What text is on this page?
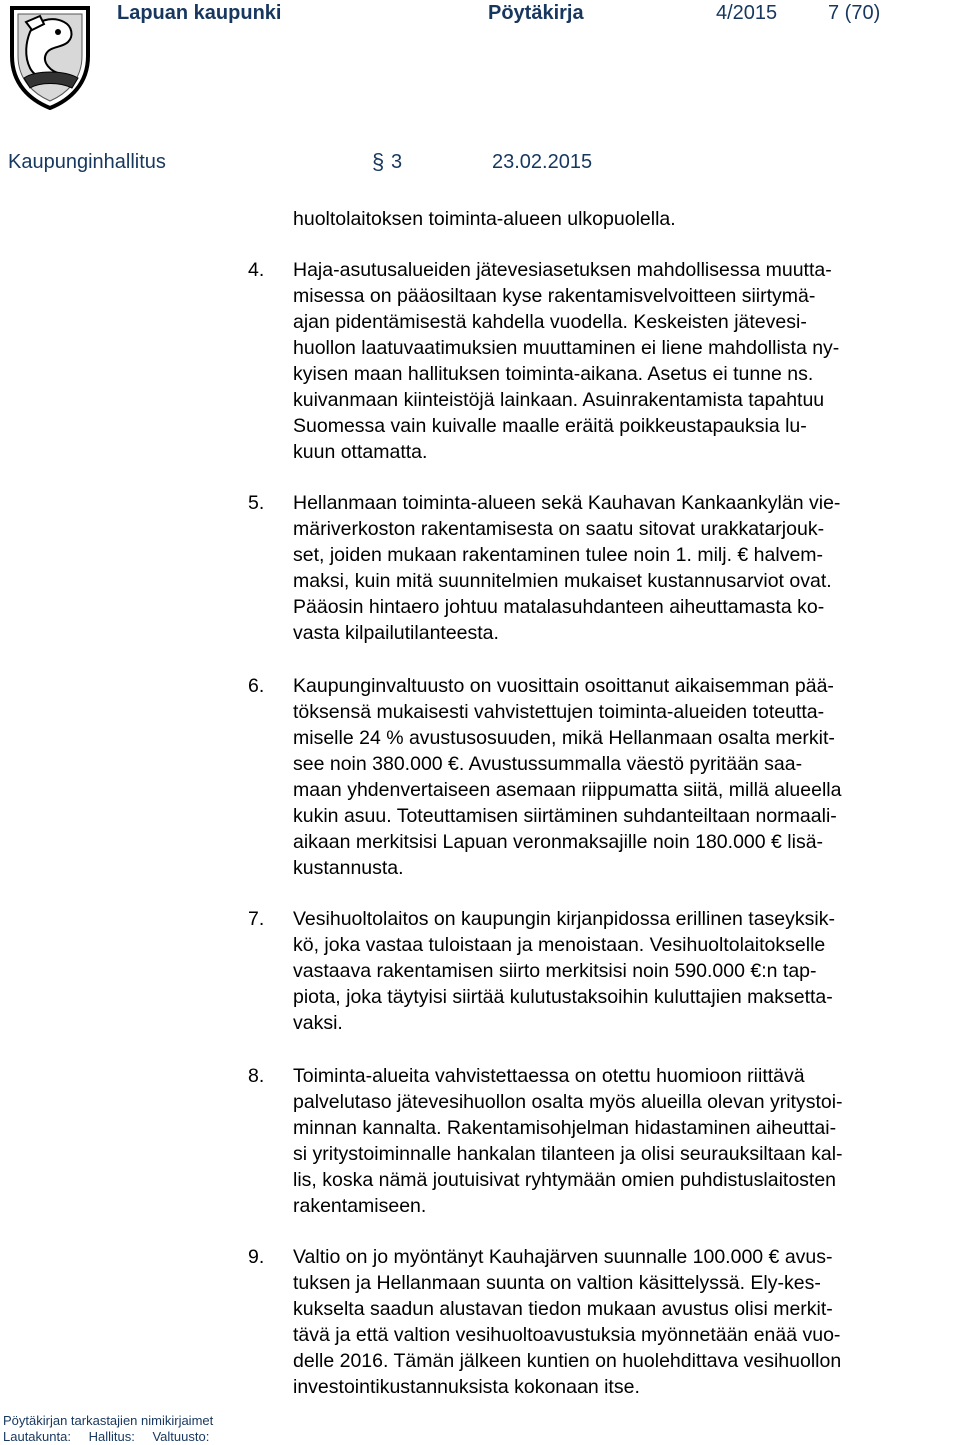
Lapuan kaupunki	Pöytäkirja	4/2015	7 (70)
Kaupunginhallitus	§ 3	23.02.2015
huoltolaitoksen toiminta-alueen ulkopuolella.
4. Haja-asutusalueiden jätevesiasetuksen mahdollisessa muutta-
misessa on pääosiltaan kyse rakentamisvelvoitteen siirtymä-
ajan pidentämisestä kahdella vuodella. Keskeisten jätevesi-
huollon laatuvaatimuksien muuttaminen ei liene mahdollista ny-
kyisen maan hallituksen toiminta-aikana. Asetus ei tunne ns.
kuivanmaan kiinteistöjä lainkaan. Asuinrakentamista tapahtuu
Suomessa vain kuivalle maalle eräitä poikkeustapauksia lu-
kuun ottamatta.
5. Hellanmaan toiminta-alueen sekä Kauhavan Kankaankylän vie-
märiverkoston rakentamisesta on saatu sitovat urakkatarjouk-
set, joiden mukaan rakentaminen tulee noin 1. milj. € halvem-
maksi, kuin mitä suunnitelmien mukaiset kustannusarviot ovat.
Pääosin hintaero johtuu matalasuhdanteen aiheuttamasta ko-
vasta kilpailutilanteesta.
6. Kaupunginvaltuusto on vuosittain osoittanut aikaisemman pää-
töksensä mukaisesti vahvistettujen toiminta-alueiden toteutta-
miselle 24 % avustusosuuden, mikä Hellanmaan osalta merkit-
see noin 380.000 €. Avustussummalla väestö pyritään saa-
maan yhdenvertaiseen asemaan riippumatta siitä, millä alueella
kukin asuu. Toteuttamisen siirtäminen suhdanteiltaan normaali-
aikaan merkitsisi Lapuan veronmaksajille noin 180.000 € lisä-
kustannusta.
7. Vesihuoltolaitos on kaupungin kirjanpidossa erillinen taseyksik-
kö, joka vastaa tuloistaan ja menoistaan. Vesihuoltolaitokselle
vastaava rakentamisen siirto merkitsisi noin 590.000 €:n tap-
piota, joka täytyisi siirtää kulutustaksoihin kuluttajien maksetta-
vaksi.
8. Toiminta-alueita vahvistettaessa on otettu huomioon riittävä
palvelutaso jätevesihuollon osalta myös alueilla olevan yritystoi-
minnan kannalta. Rakentamisohjelman hidastaminen aiheuttai-
si yritystoiminnalle hankalan tilanteen ja olisi seurauksiltaan kal-
lis, koska nämä joutuisivat ryhtymään omien puhdistuslaitosten
rakentamiseen.
9. Valtio on jo myöntänyt Kauhajärven suunnalle 100.000 € avus-
tuksen ja Hellanmaan suunta on valtion käsittelyssä. Ely-kes-
kukselta saadun alustavan tiedon mukaan avustus olisi merkit-
tävä ja että valtion vesihuoltoavustuksia myönnetään enää vuo-
delle 2016. Tämän jälkeen kuntien on huolehdittava vesihuollon
investointikustannuksista kokonaan itse.
Pöytäkirjan tarkastajien nimikirjaimet
Lautakunta: Hallitus: Valtuusto:
